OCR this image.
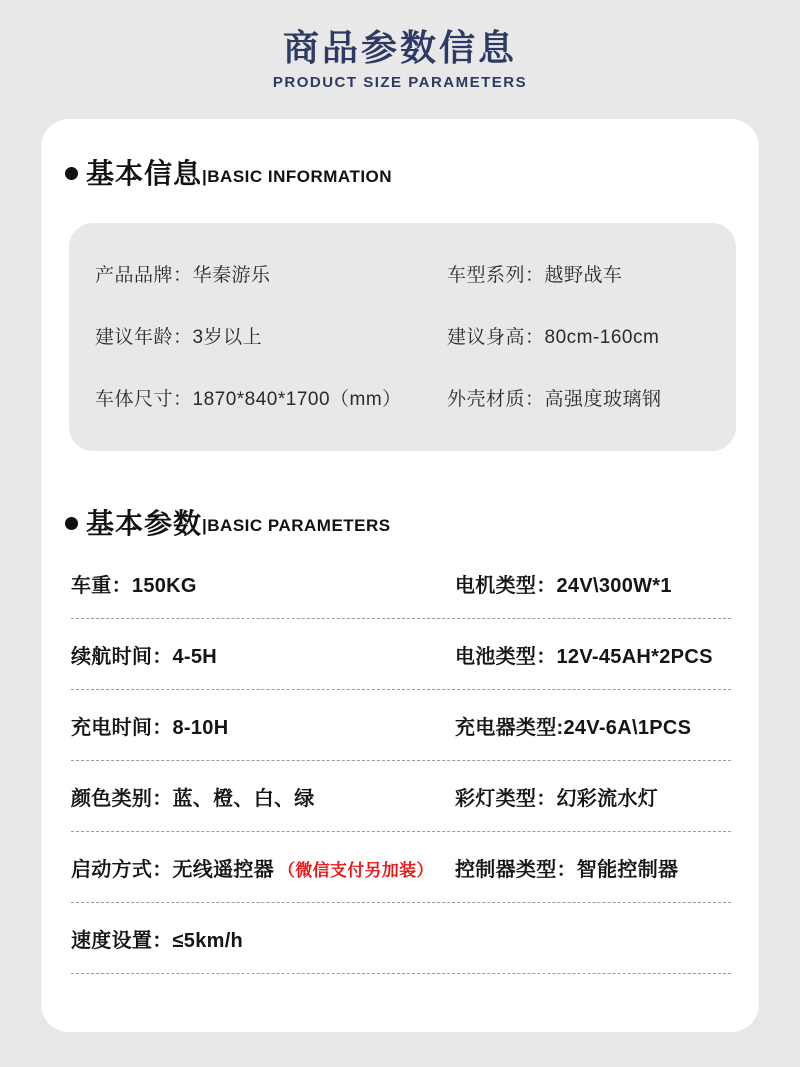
商品参数信息
PRODUCT SIZE PARAMETERS
基本信息 |BASIC INFORMATION
产品品牌：华秦游乐	车型系列：越野战车
建议年龄：3岁以上	建议身高：80cm-160cm
车体尺寸：1870*840*1700（mm）	外壳材质：高强度玻璃钢
基本参数 |BASIC PARAMETERS
车重：150KG	电机类型：24V\300W*1
续航时间：4-5H	电池类型：12V-45AH*2PCS
充电时间：8-10H	充电器类型:24V-6A\1PCS
颜色类别：蓝、橙、白、绿	彩灯类型：幻彩流水灯
启动方式：无线遥控器 （微信支付另加装）	控制器类型：智能控制器
速度设置：≤5km/h
